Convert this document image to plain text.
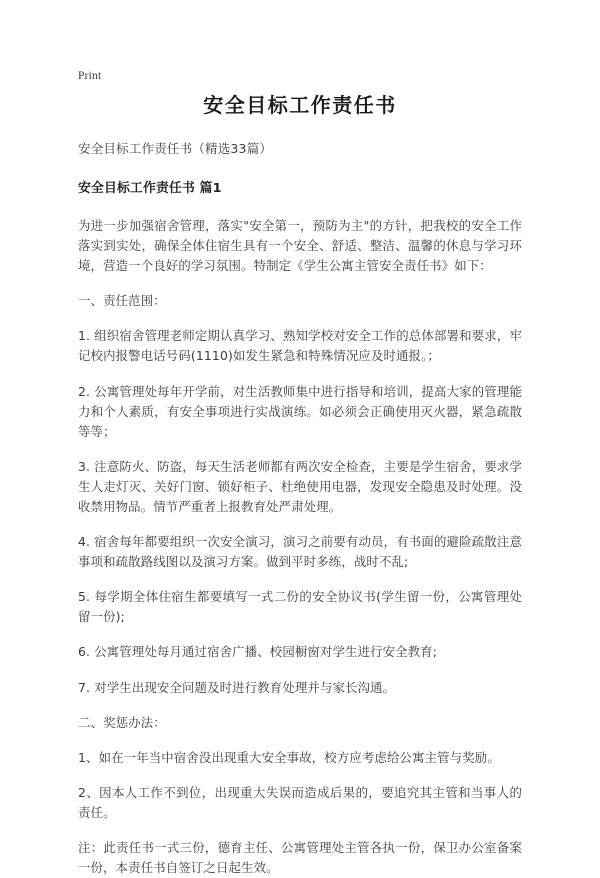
Print
安全目标工作责任书

安全目标工作责任书（精选33篇）

安全目标工作责任书 篇1

为进一步加强宿舍管理，落实"安全第一，预防为主"的方针，把我校的安全工作落实到实处，确保全体住宿生具有一个安全、舒适、整洁、温馨的休息与学习环境，营造一个良好的学习氛围。特制定《学生公寓主管安全责任书》如下：

一、责任范围：

1. 组织宿舍管理老师定期认真学习、熟知学校对安全工作的总体部署和要求，牢记校内报警电话号码(1110)如发生紧急和特殊情况应及时通报。；

2. 公寓管理处每年开学前，对生活教师集中进行指导和培训，提高大家的管理能力和个人素质，有安全事项进行实战演练。如必须会正确使用灭火器，紧急疏散等等；

3. 注意防火、防盗，每天生活老师都有两次安全检查，主要是学生宿舍，要求学生人走灯灭、关好门窗、锁好柜子、杜绝使用电器，发现安全隐患及时处理。没收禁用物品。情节严重者上报教育处严肃处理。

4. 宿舍每年都要组织一次安全演习，演习之前要有动员，有书面的避险疏散注意事项和疏散路线图以及演习方案。做到平时多练，战时不乱;

5. 每学期全体住宿生都要填写一式二份的安全协议书(学生留一份，公寓管理处留一份);

6. 公寓管理处每月通过宿舍广播、校园橱窗对学生进行安全教育;

7. 对学生出现安全问题及时进行教育处理并与家长沟通。

二、奖惩办法：

1、如在一年当中宿舍没出现重大安全事故，校方应考虑给公寓主管与奖励。

2、因本人工作不到位，出现重大失误而造成后果的，要追究其主管和当事人的责任。

注：此责任书一式三份，德育主任、公寓管理处主管各执一份，保卫办公室备案一份，本责任书自签订之日起生效。
